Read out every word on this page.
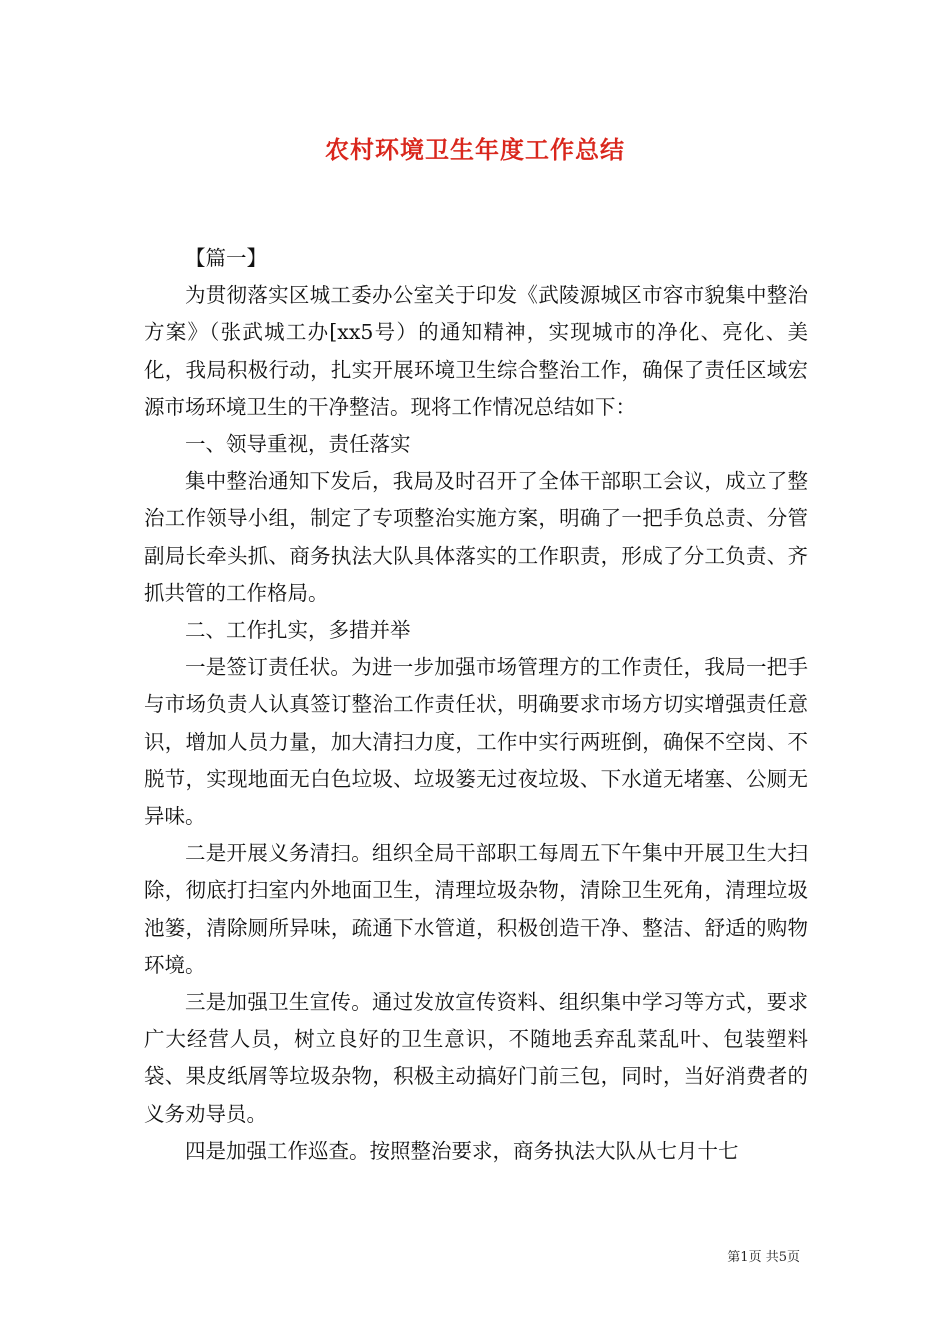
农村环境卫生年度工作总结

【篇一】

为贯彻落实区城工委办公室关于印发《武陵源城区市容市貌集中整治方案》（张武城工办[xx5号）的通知精神，实现城市的净化、亮化、美化，我局积极行动，扎实开展环境卫生综合整治工作，确保了责任区域宏源市场环境卫生的干净整洁。现将工作情况总结如下：

一、领导重视，责任落实

集中整治通知下发后，我局及时召开了全体干部职工会议，成立了整治工作领导小组，制定了专项整治实施方案，明确了一把手负总责、分管副局长牵头抓、商务执法大队具体落实的工作职责，形成了分工负责、齐抓共管的工作格局。

二、工作扎实，多措并举

一是签订责任状。为进一步加强市场管理方的工作责任，我局一把手与市场负责人认真签订整治工作责任状，明确要求市场方切实增强责任意识，增加人员力量，加大清扫力度，工作中实行两班倒，确保不空岗、不脱节，实现地面无白色垃圾、垃圾篓无过夜垃圾、下水道无堵塞、公厕无异味。

二是开展义务清扫。组织全局干部职工每周五下午集中开展卫生大扫除，彻底打扫室内外地面卫生，清理垃圾杂物，清除卫生死角，清理垃圾池篓，清除厕所异味，疏通下水管道，积极创造干净、整洁、舒适的购物环境。

三是加强卫生宣传。通过发放宣传资料、组织集中学习等方式，要求广大经营人员，树立良好的卫生意识，不随地丢弃乱菜乱叶、包装塑料袋、果皮纸屑等垃圾杂物，积极主动搞好门前三包，同时，当好消费者的义务劝导员。

四是加强工作巡查。按照整治要求，商务执法大队从七月十七

第1页 共5页
